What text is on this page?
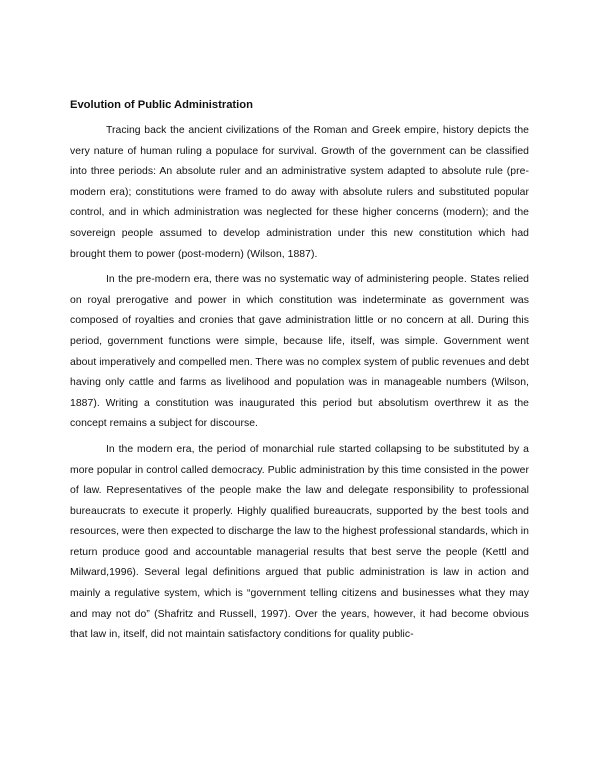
Evolution of Public Administration

Tracing back the ancient civilizations of the Roman and Greek empire, history depicts the very nature of human ruling a populace for survival. Growth of the government can be classified into three periods: An absolute ruler and an administrative system adapted to absolute rule (pre-modern era); constitutions were framed to do away with absolute rulers and substituted popular control, and in which administration was neglected for these higher concerns (modern); and the sovereign people assumed to develop administration under this new constitution which had brought them to power (post-modern) (Wilson, 1887).

In the pre-modern era, there was no systematic way of administering people. States relied on royal prerogative and power in which constitution was indeterminate as government was composed of royalties and cronies that gave administration little or no concern at all. During this period, government functions were simple, because life, itself, was simple. Government went about imperatively and compelled men. There was no complex system of public revenues and debt having only cattle and farms as livelihood and population was in manageable numbers (Wilson, 1887). Writing a constitution was inaugurated this period but absolutism overthrew it as the concept remains a subject for discourse.

In the modern era, the period of monarchial rule started collapsing to be substituted by a more popular in control called democracy. Public administration by this time consisted in the power of law. Representatives of the people make the law and delegate responsibility to professional bureaucrats to execute it properly. Highly qualified bureaucrats, supported by the best tools and resources, were then expected to discharge the law to the highest professional standards, which in return produce good and accountable managerial results that best serve the people (Kettl and Milward,1996). Several legal definitions argued that public administration is law in action and mainly a regulative system, which is “government telling citizens and businesses what they may and may not do” (Shafritz and Russell, 1997). Over the years, however, it had become obvious that law in, itself, did not maintain satisfactory conditions for quality public-
